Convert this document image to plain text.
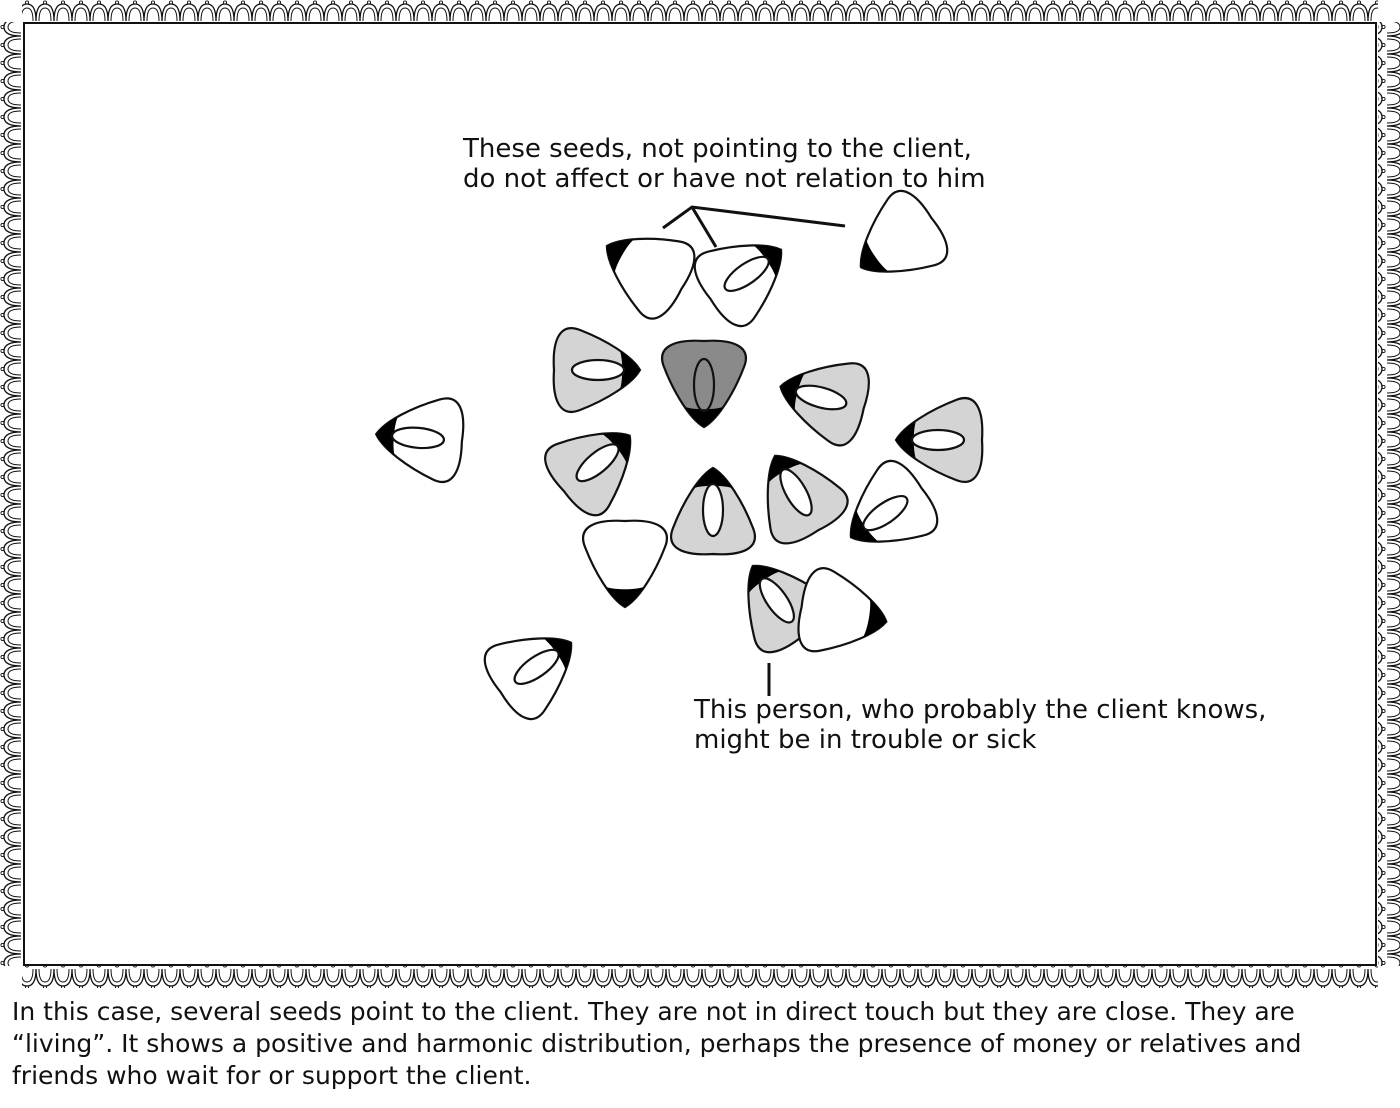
These seeds, not pointing to the client,
do not affect or have not relation to him
This person, who probably the client knows,
might be in trouble or sick

In this case, several seeds point to the client. They are not in direct touch but they are close. They are
“living”. It shows a positive and harmonic distribution, perhaps the presence of money or relatives and
friends who wait for or support the client.
